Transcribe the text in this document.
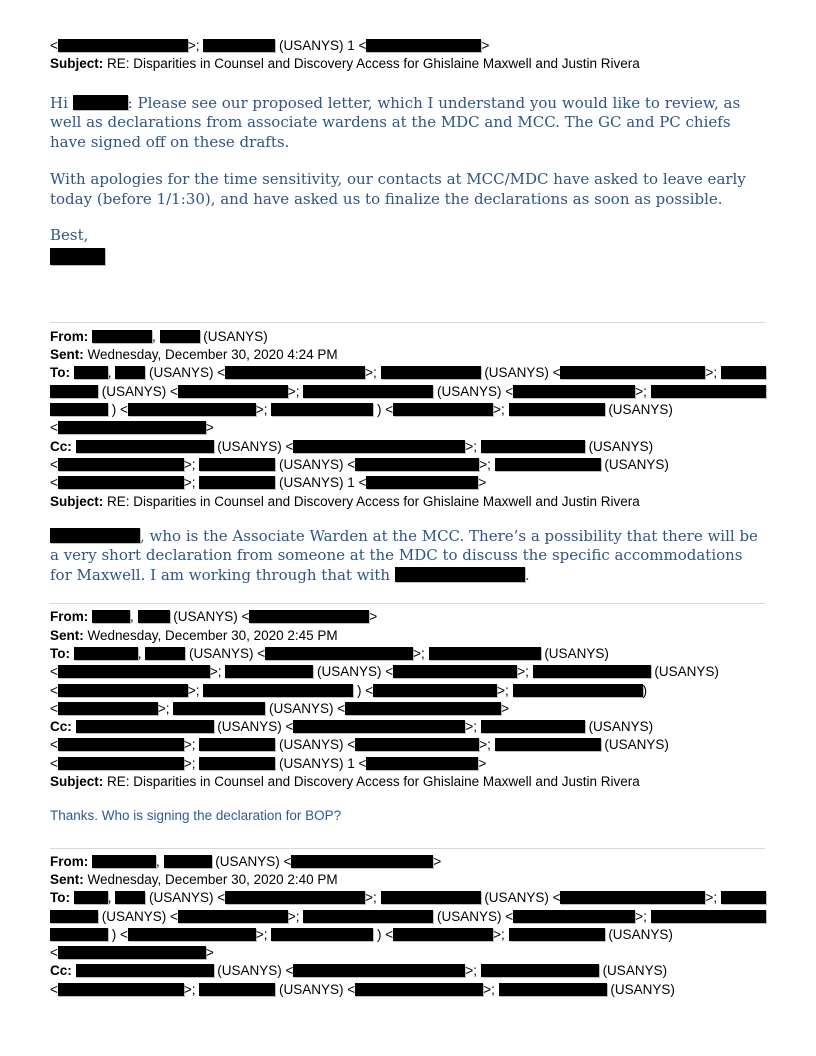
<	>;	(USANYS) 1 <	>
Subject: RE: Disparities in Counsel and Discovery Access for Ghislaine Maxwell and Justin Rivera
Hi	: Please see our proposed letter, which I understand you would like to review, as well as declarations from associate wardens at the MDC and MCC. The GC and PC chiefs have signed off on these drafts.
With apologies for the time sensitivity, our contacts at MCC/MDC have asked to leave early today (before 1/1:30), and have asked us to finalize the declarations as soon as possible.
Best,
From:	,	(USANYS)
Sent: Wednesday, December 30, 2020 4:24 PM
To:	,  (USANYS) <	>;	(USANYS) <	>;
(USANYS) <	>;	(USANYS) <	>;
) <	>;	) <	>;	(USANYS)
<	>
Cc:	(USANYS) <	>;	(USANYS)
<	>;	(USANYS) <	>;	(USANYS)
<	>;	(USANYS) 1 <	>
Subject: RE: Disparities in Counsel and Discovery Access for Ghislaine Maxwell and Justin Rivera
, who is the Associate Warden at the MCC. There’s a possibility that there will be a very short declaration from someone at the MDC to discuss the specific accommodations for Maxwell. I am working through that with	.
From:	,  (USANYS) <	>
Sent: Wednesday, December 30, 2020 2:45 PM
To:	,	(USANYS) <	>;	(USANYS)
<	>;	(USANYS) <	>;	(USANYS)
<	>;	) <	>;	)
<	>;	(USANYS) <	>
Cc:	(USANYS) <	>;	(USANYS)
<	>;	(USANYS) <	>;	(USANYS)
<	>;	(USANYS) 1 <	>
Subject: RE: Disparities in Counsel and Discovery Access for Ghislaine Maxwell and Justin Rivera
Thanks. Who is signing the declaration for BOP?
From:	,	(USANYS) <	>
Sent: Wednesday, December 30, 2020 2:40 PM
To:	,  (USANYS) <	>;	(USANYS) <	>;
(USANYS) <	>;	(USANYS) <	>;
) <	>;	) <	>;	(USANYS)
<	>
Cc:	(USANYS) <	>;	(USANYS)
<	>;	(USANYS) <	>;	(USANYS)
